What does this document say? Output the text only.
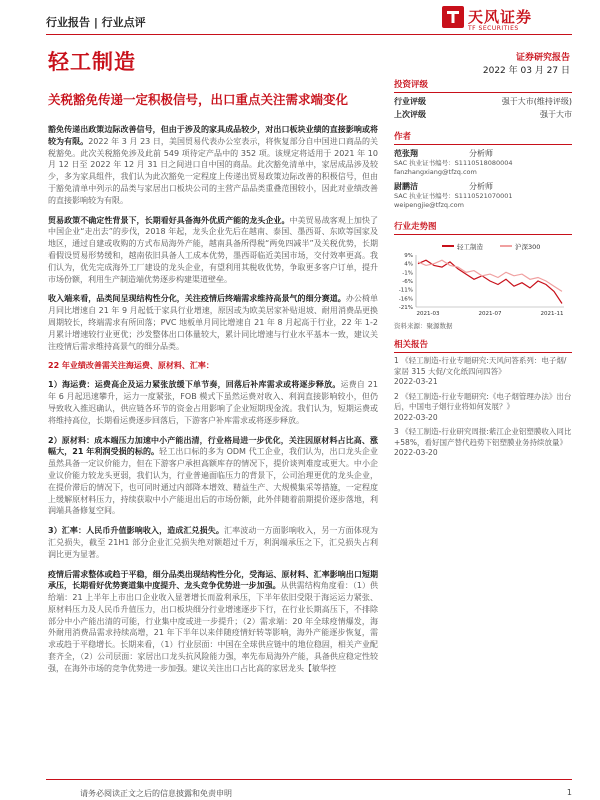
行业报告 | 行业点评	天风证券
TF SECURITIES
轻工制造	证券研究报告
2022 年 03 月 27 日
关税豁免传递一定积极信号，出口重点关注需求端变化

豁免传递出政策边际改善信号，但由于涉及的家具成品较少，对出口板块业绩的直接影响或将较为有限。2022 年 3 月 23 日，美国贸易代表办公室表示，将恢复部分自中国进口商品的关税豁免。此次关税豁免涉及此前 549 项待定产品中的 352 项。该规定将适用于 2021 年 10 月 12 日至 2022 年 12 月 31 日之间进口自中国的商品。此次豁免清单中，家居成品涉及较少，多为家具组件，我们认为此次豁免一定程度上传递出贸易政策边际改善的积极信号，但由于豁免清单中列示的品类与家居出口板块公司的主营产品品类重叠范围较小，因此对业绩改善的直接影响较为有限。

贸易政策不确定性背景下，长期看好具备海外优质产能的龙头企业。中美贸易战客观上加快了中国企业“走出去”的步伐，2018 年起，龙头企业先后在越南、泰国、墨西哥、东欧等国家及地区，通过自建或收购的方式布局海外产能，越南具备所得税“两免四减半”及关税优势，长期看假设贸易形势缓和，越南依旧具备人工成本优势，墨西哥临近美国市场，交付效率更高。我们认为，优先完成海外工厂建设的龙头企业，有望利用其税收优势，争取更多客户订单，提升市场份额，利用生产制造端优势逐步构建渠道壁垒。

收入端来看，品类间呈现结构性分化，关注疫情后终端需求维持高景气的细分赛道。办公椅单月同比增速自 21 年 9 月起低于家具行业增速，原因或为欧美居家补贴退坡、耐用消费品更换周期较长，终端需求有所回落；PVC 地板单月同比增速自 21 年 8 月起高于行业，22 年 1-2 月累计增速较行业更优；沙发整体出口体量较大，累计同比增速与行业水平基本一致，建议关注疫情后需求维持高景气的细分品类。

22 年业绩改善需关注海运费、原材料、汇率：

1）海运费：运费高企及运力紧张放缓下单节奏，回落后补库需求或将逐步释放。运费自 21 年 6 月起迅速攀升，运力一度紧张，FOB 模式下虽然运费对收入、利润直接影响较小，但仍导致收入推迟确认，供应链各环节的资金占用影响了企业短期现金流。我们认为，短期运费或将维持高位，长期看运费逐步回落后，下游客户补库需求或将逐步释放。

2）原材料：成本端压力加速中小产能出清，行业格局进一步优化，关注因原材料占比高、涨幅大，21 年利润受损的标的。轻工出口标的多为 ODM 代工企业，我们认为，出口龙头企业虽然具备一定议价能力，但在下游客户承担高额库存的情况下，提价谈判难度或更大。中小企业议价能力较龙头更弱，我们认为，行业普遍面临压力的背景下，公司治理更优的龙头企业，在提价滞后的情况下，也可同时通过内部降本增效、精益生产、大规模集采等措施，一定程度上缓解原材料压力，持续获取中小产能退出后的市场份额，此外伴随着前期提价逐步落地，利润端具备修复空间。

3）汇率：人民币升值影响收入，造成汇兑损失。汇率波动一方面影响收入，另一方面体现为汇兑损失，截至 21H1 部分企业汇兑损失绝对额超过千万，利润端承压之下，汇兑损失占利润比更为显著。

疫情后需求整体或趋于平稳，细分品类出现结构性分化，受海运、原材料、汇率影响出口短期承压，长期看好优势赛道集中度提升、龙头竞争优势进一步加强。从供需结构角度看：（1）供给端：21 上半年上市出口企业收入显著增长而盈利承压，下半年依旧受限于海运运力紧张、原材料压力及人民币升值压力，出口板块细分行业增速逐步下行，在行业长期高压下，不排除部分中小产能出清的可能，行业集中度或进一步提升；（2）需求端：20 年全球疫情爆发，海外耐用消费品需求持续高增，21 年下半年以来伴随疫情好转等影响，海外产能逐步恢复，需求或趋于平稳增长。长期来看，（1）行业层面：中国在全球供应链中的地位稳固，相关产业配套齐全，（2）公司层面：家居出口龙头抗风险能力强，率先布局海外产能，具备供应稳定性较强，在海外市场的竞争优势进一步加强。建议关注出口占比高的家居龙头【敏华控

投资评级
行业评级	强于大市(维持评级)
上次评级	强于大市
作者
范张翔	分析师
SAC 执业证书编号：S1110518080004
fanzhangxiang@tfzq.com
尉鹏洁	分析师
SAC 执业证书编号：S1110521070001
weipengjie@tfzq.com
行业走势图
轻工制造	沪深300
9%
4%
-1%
-6%
-11%
-16%
-21%
2021-03	2021-07	2021-11
资料来源：聚源数据
相关报告
1 《轻工制造-行业专题研究:天风问答系列：电子烟/家居 315 大促/文化纸四问四答》
2022-03-21
2 《轻工制造-行业专题研究:《电子烟管理办法》出台后，中国电子烟行业将如何发展？》
2022-03-20
3 《轻工制造-行业研究周报:紫江企业铝塑膜收入同比+58%，看好国产替代趋势下铝塑膜业务持续放量》
2022-03-20
请务必阅读正文之后的信息披露和免责申明	1
